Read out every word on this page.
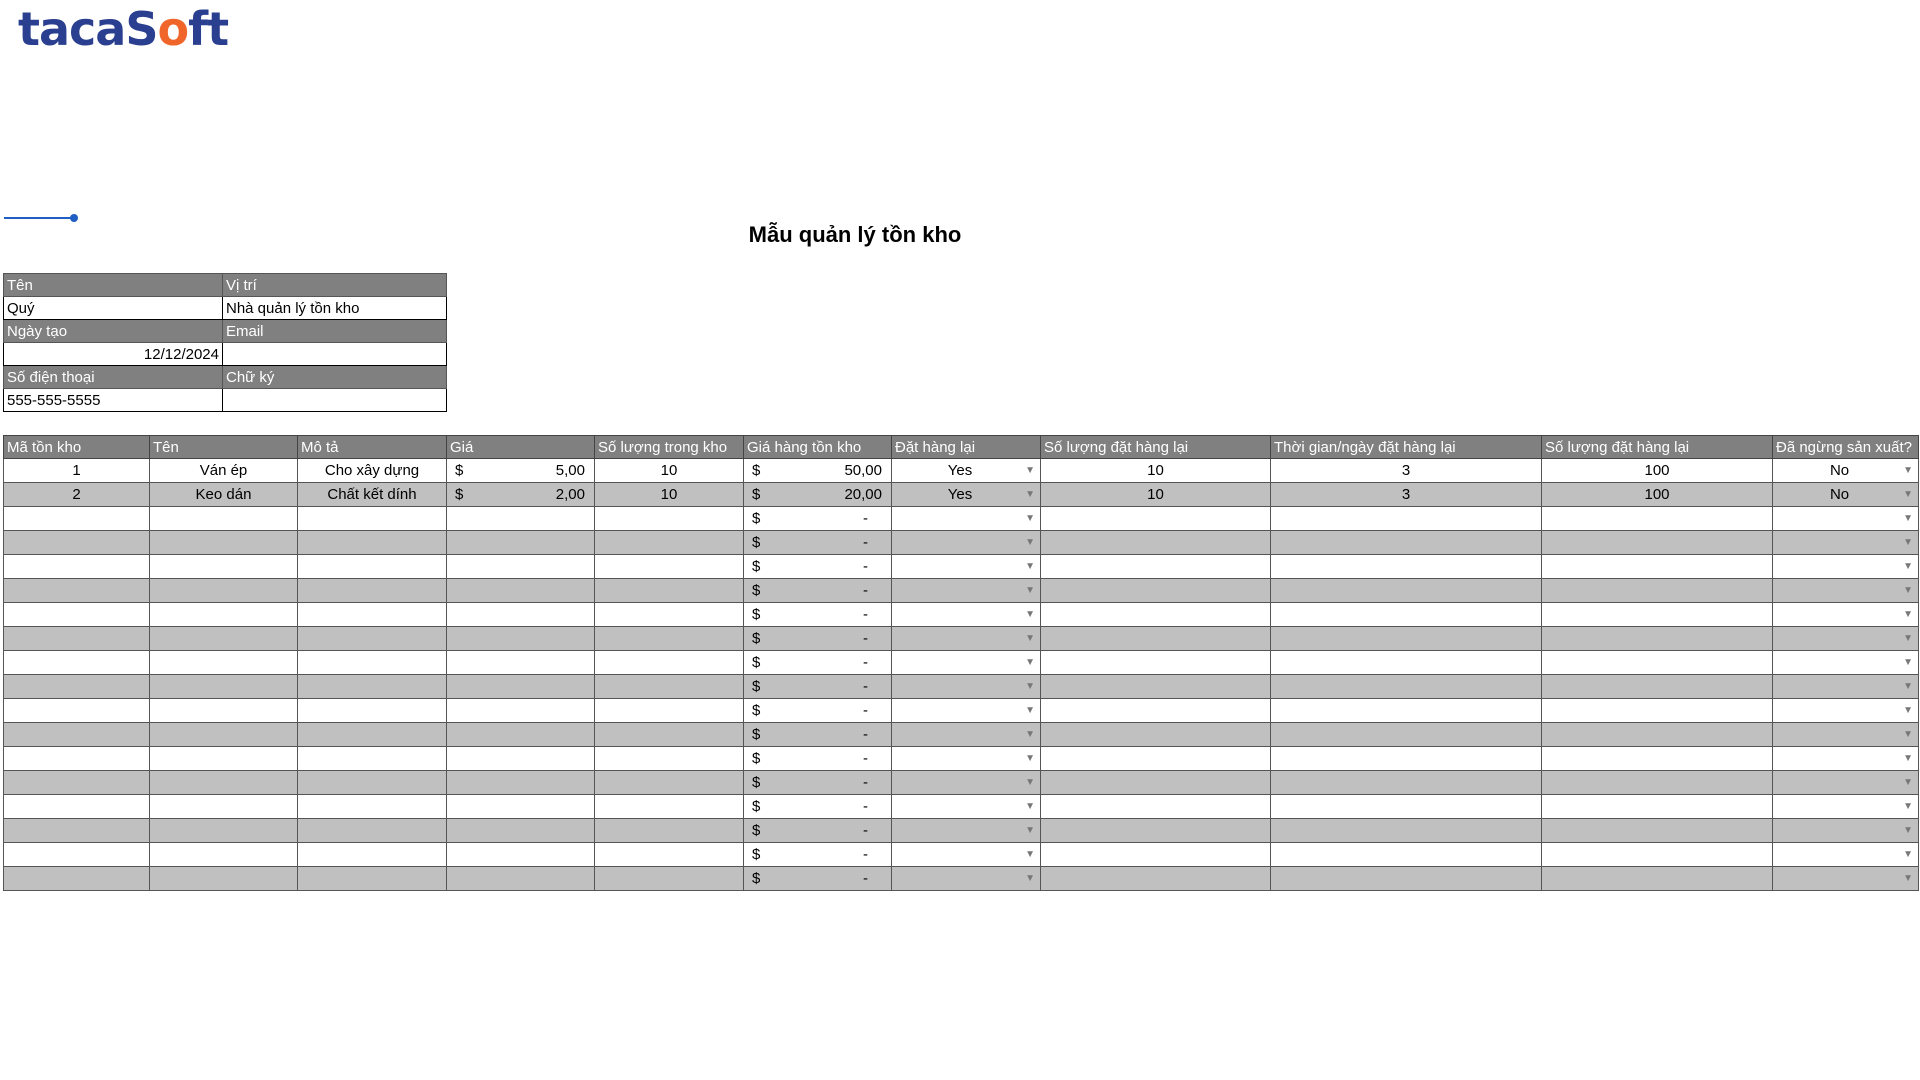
tacaSoft
Mẫu quản lý tồn kho
Tên	Vị trí
Quý	Nhà quản lý tồn kho
Ngày tạo	Email
12/12/2024	
Số điện thoại	Chữ ký
555-555-5555	
Mã tồn kho	Tên	Mô tả	Giá	Số lượng trong kho	Giá hàng tồn kho	Đặt hàng lại	Số lượng đặt hàng lại	Thời gian/ngày đặt hàng lại	Số lượng đặt hàng lại	Đã ngừng sản xuất?
1	Ván ép	Cho xây dựng	$ 5,00	10	$ 50,00	Yes ▼	10	3	100	No ▼

2	Keo dán	Chất kết dính	$ 2,00	10	$ 20,00	Yes ▼	10	3	100	No ▼

					$ -	▼				▼

					$ -	▼				▼

					$ -	▼				▼

					$ -	▼				▼

					$ -	▼				▼

					$ -	▼				▼

					$ -	▼				▼

					$ -	▼				▼

					$ -	▼				▼

					$ -	▼				▼

					$ -	▼				▼

					$ -	▼				▼

					$ -	▼				▼

					$ -	▼				▼

					$ -	▼				▼

					$ -	▼				▼
